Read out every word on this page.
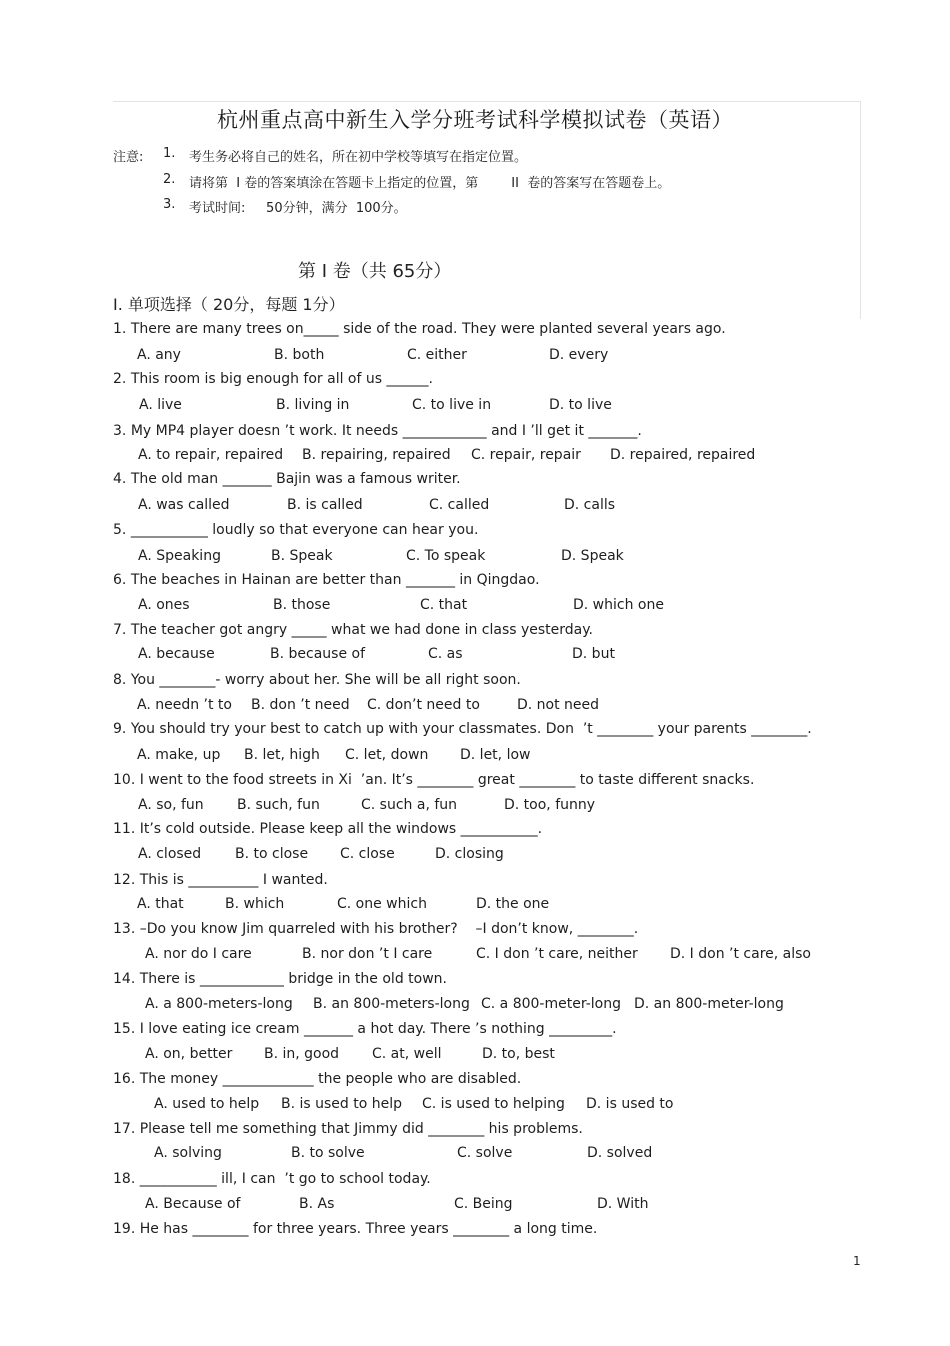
杭州重点高中新生入学分班考试科学模拟试卷（英语）
注意: 1. 考生务必将自己的姓名，所在初中学校等填写在指定位置。
2. 请将第  I 卷的答案填涂在答题卡上指定的位置，第        II  卷的答案写在答题卷上。
3. 考试时间:     50分钟，满分  100分。
第 I 卷（共 65分）
I. 单项选择（ 20分，每题 1分）
1. There are many trees on_____ side of the road. They were planted several years ago.
A. any	B. both	C. either	D. every
2. This room is big enough for all of us ______.
A. live	B. living in	C. to live in	D. to live
3. My MP4 player doesn ’t work. It needs ____________ and I ’ll get it _______.
A. to repair, repaired B. repairing, repaired C. repair, repair D. repaired, repaired
4. The old man _______ Bajin was a famous writer.
A. was called	B. is called	C. called	D. calls
5. ___________ loudly so that everyone can hear you.
A. Speaking	B. Speak	C. To speak	D. Speak
6. The beaches in Hainan are better than _______ in Qingdao.
A. ones	B. those	C. that	D. which one
7. The teacher got angry _____ what we had done in class yesterday.
A. because	B. because of	C. as	D. but
8. You ________- worry about her. She will be all right soon.
A. needn ’t to B. don ’t need C. don’t need to	D. not need
9. You should try your best to catch up with your classmates. Don  ’t ________ your parents ________.
A. make, up B. let, high C. let, down D. let, low
10. I went to the food streets in Xi  ’an. It’s ________ great ________ to taste different snacks.
A. so, fun B. such, fun	C. such a, fun	D. too, funny
11. It’s cold outside. Please keep all the windows ___________.
A. closed B. to close C. close	D. closing
12. This is __________ I wanted.
A. that	B. which	C. one which	D. the one
13. –Do you know Jim quarreled with his brother?    –I don’t know, ________.
A. nor do I care	B. nor don ’t I care	C. I don ’t care, neither D. I don ’t care, also
14. There is ____________ bridge in the old town.
A. a 800-meters-long B. an 800-meters-long C. a 800-meter-long D. an 800-meter-long
15. I love eating ice cream _______ a hot day. There ’s nothing _________.
A. on, better B. in, good C. at, well	D. to, best
16. The money _____________ the people who are disabled.
A. used to help B. is used to help C. is used to helping D. is used to
17. Please tell me something that Jimmy did ________ his problems.
A. solving	B. to solve	C. solve	D. solved
18. ___________ ill, I can  ’t go to school today.
A. Because of	B. As	C. Being	D. With
19. He has ________ for three years. Three years ________ a long time.
1
